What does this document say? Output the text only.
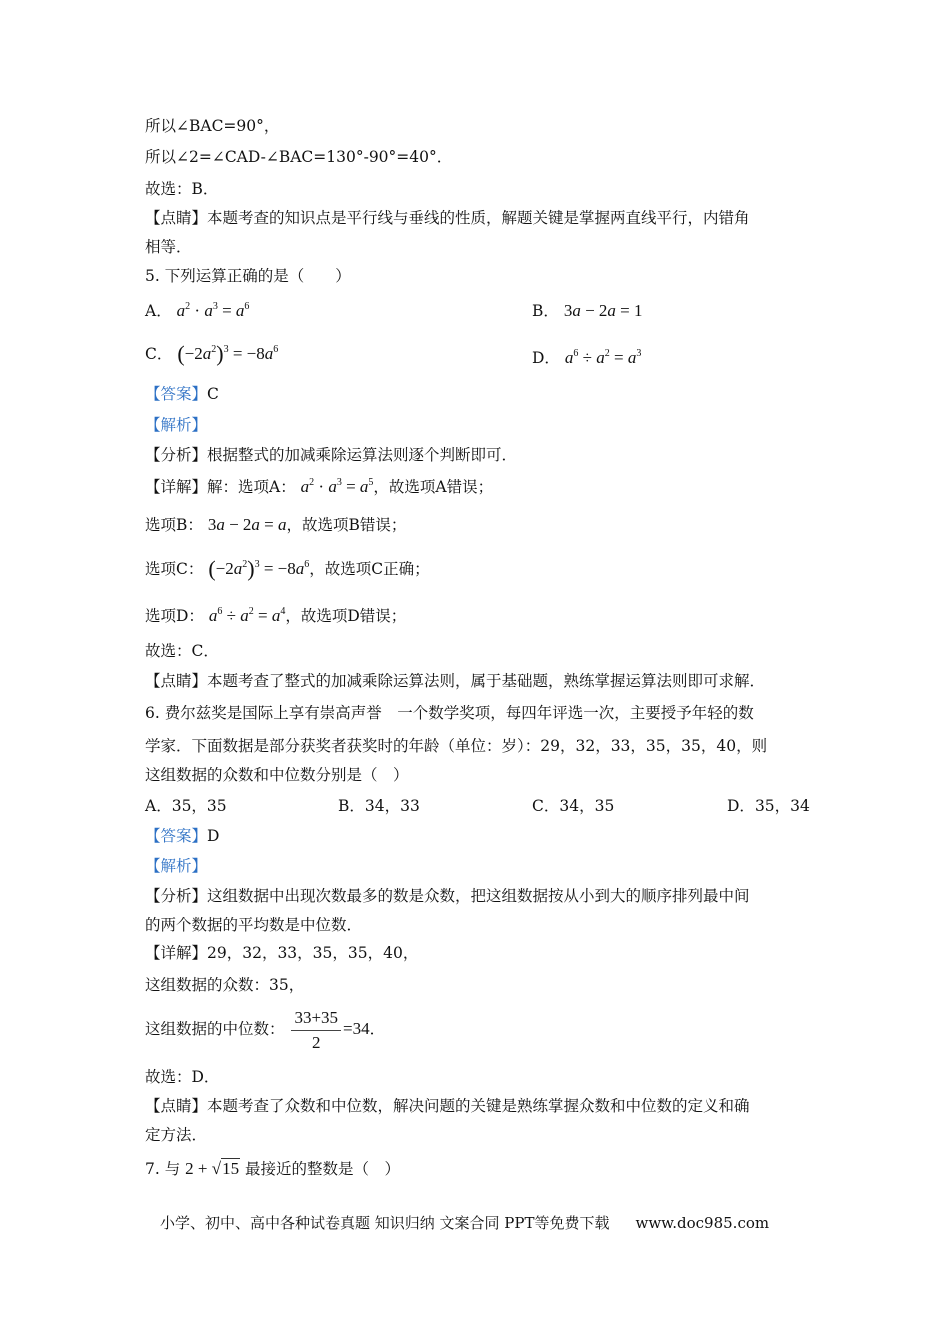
所以∠BAC=90°，
所以∠2=∠CAD-∠BAC=130°-90°=40°．
故选：B．
【点睛】本题考查的知识点是平行线与垂线的性质，解题关键是掌握两直线平行，内错角
相等．
5. 下列运算正确的是（　　）
A． $a^2 \cdot a^3 = a^6$	B． 3a − 2a = 1
C． $(-2a^2)^3 = -8a^6$	D． $a^6 \div a^2 = a^3$
【答案】C
【解析】
【分析】根据整式的加减乘除运算法则逐个判断即可．
【详解】解：选项A： $a^2 \cdot a^3 = a^5$，故选项A错误；
选项B： 3a − 2a = a，故选项B错误；
选项C： $(-2a^2)^3 = -8a^6$，故选项C正确；
选项D： $a^6 \div a^2 = a^4$，故选项D错误；
故选：C．
【点睛】本题考查了整式的加减乘除运算法则，属于基础题，熟练掌握运算法则即可求解．
6. 费尔兹奖是国际上享有崇高声誉　一个数学奖项，每四年评选一次，主要授予年轻的数
学家．下面数据是部分获奖者获奖时的年龄（单位：岁）：29，32，33，35，35，40，则
这组数据的众数和中位数分别是（　）
A．35，35	B．34，33	C．34，35	D．35，34
【答案】D
【解析】
【分析】这组数据中出现次数最多的数是众数，把这组数据按从小到大的顺序排列最中间
的两个数据的平均数是中位数．
【详解】29，32，33，35，35，40，
这组数据的众数：35，
这组数据的中位数： $\frac{33+35}{2} =34$．
故选：D．
【点睛】本题考查了众数和中位数，解决问题的关键是熟练掌握众数和中位数的定义和确
定方法．
7. 与 2 + √15 最接近的整数是（　）
小学、初中、高中各种试卷真题 知识归纳 文案合同 PPT等免费下载 www.doc985.com
